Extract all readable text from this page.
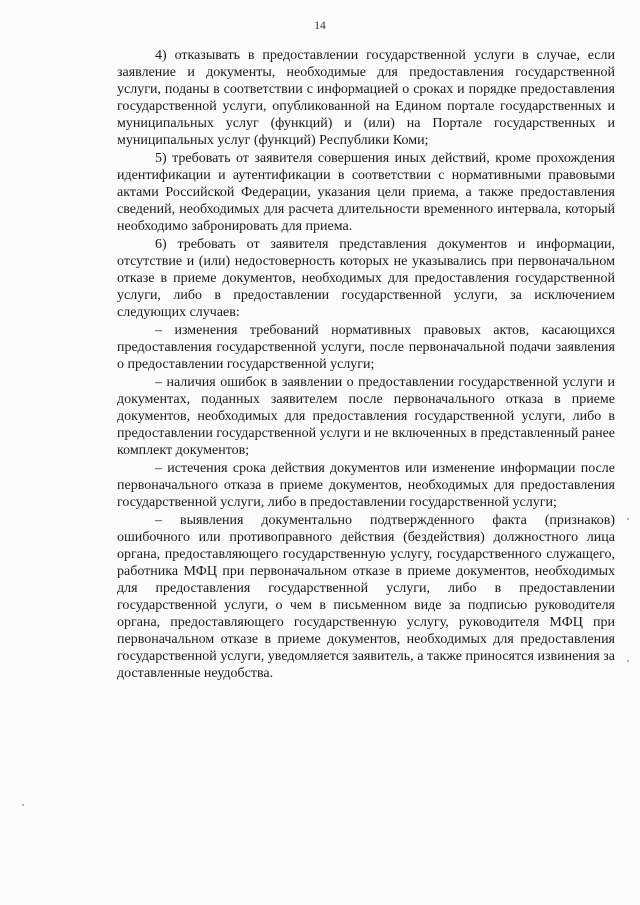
14

4) отказывать в предоставлении государственной услуги в случае, если заявление и документы, необходимые для предоставления государственной услуги, поданы в соответствии с информацией о сроках и порядке предоставления государственной услуги, опубликованной на Едином портале государственных и муниципальных услуг (функций) и (или) на Портале государственных и муниципальных услуг (функций) Республики Коми;

5) требовать от заявителя совершения иных действий, кроме прохождения идентификации и аутентификации в соответствии с нормативными правовыми актами Российской Федерации, указания цели приема, а также предоставления сведений, необходимых для расчета длительности временного интервала, который необходимо забронировать для приема.

6) требовать от заявителя представления документов и информации, отсутствие и (или) недостоверность которых не указывались при первоначальном отказе в приеме документов, необходимых для предоставления государственной услуги, либо в предоставлении государственной услуги, за исключением следующих случаев:

– изменения требований нормативных правовых актов, касающихся предоставления государственной услуги, после первоначальной подачи заявления о предоставлении государственной услуги;

– наличия ошибок в заявлении о предоставлении государственной услуги и документах, поданных заявителем после первоначального отказа в приеме документов, необходимых для предоставления государственной услуги, либо в предоставлении государственной услуги и не включенных в представленный ранее комплект документов;

– истечения срока действия документов или изменение информации после первоначального отказа в приеме документов, необходимых для предоставления государственной услуги, либо в предоставлении государственной услуги;

– выявления документально подтвержденного факта (признаков) ошибочного или противоправного действия (бездействия) должностного лица органа, предоставляющего государственную услугу, государственного служащего, работника МФЦ при первоначальном отказе в приеме документов, необходимых для предоставления государственной услуги, либо в предоставлении государственной услуги, о чем в письменном виде за подписью руководителя органа, предоставляющего государственную услугу, руководителя МФЦ при первоначальном отказе в приеме документов, необходимых для предоставления государственной услуги, уведомляется заявитель, а также приносятся извинения за доставленные неудобства.
